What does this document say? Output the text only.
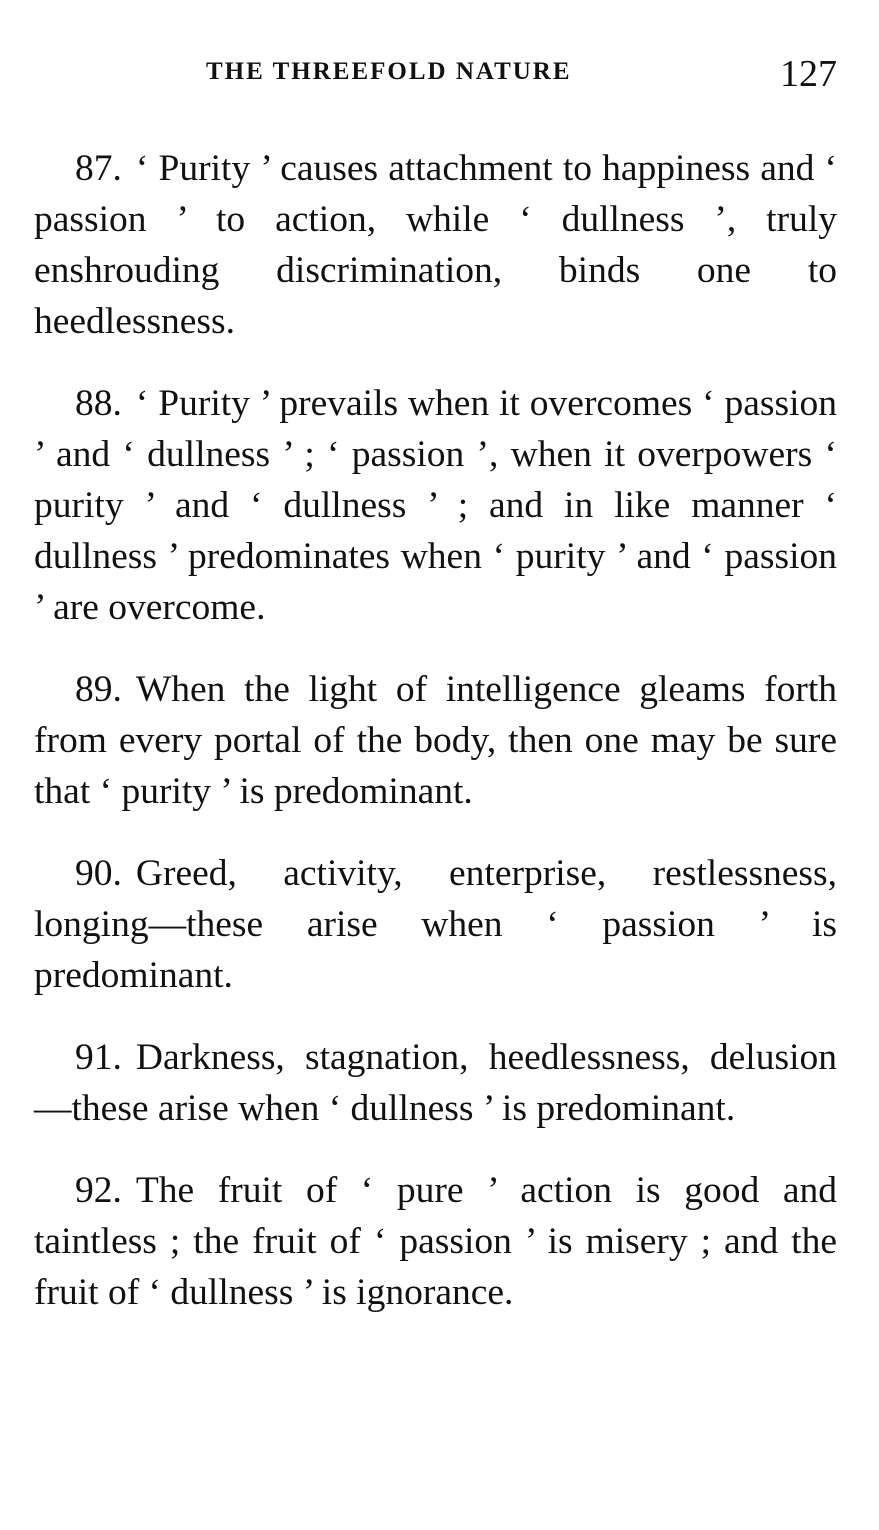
THE THREEFOLD NATURE	127

87. ‘ Purity ’ causes attachment to happiness and ‘ passion ’ to action, while ‘ dullness ’, truly enshrouding discrimination, binds one to heedlessness.

88. ‘ Purity ’ prevails when it overcomes ‘ passion ’ and ‘ dullness ’ ; ‘ passion ’, when it overpowers ‘ purity ’ and ‘ dullness ’ ; and in like manner ‘ dullness ’ predominates when ‘ purity ’ and ‘ passion ’ are overcome.

89. When the light of intelligence gleams forth from every portal of the body, then one may be sure that ‘ purity ’ is predominant.

90. Greed, activity, enterprise, restlessness, longing—these arise when ‘ passion ’ is predominant.

91. Darkness, stagnation, heedlessness, delusion—these arise when ‘ dullness ’ is predominant.

92. The fruit of ‘ pure ’ action is good and taintless ; the fruit of ‘ passion ’ is misery ; and the fruit of ‘ dullness ’ is ignorance.
